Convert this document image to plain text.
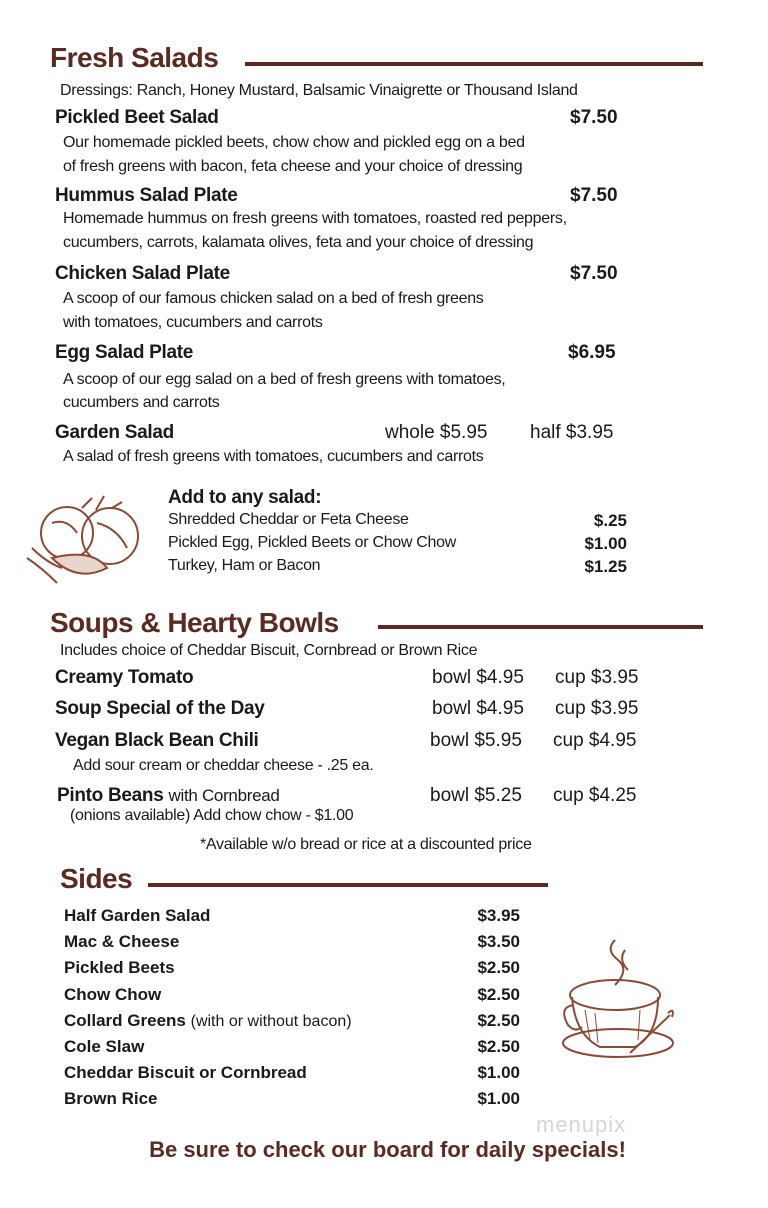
Fresh Salads
Dressings: Ranch, Honey Mustard, Balsamic Vinaigrette or Thousand Island
Pickled Beet Salad	$7.50
Our homemade pickled beets, chow chow and pickled egg on a bed
of fresh greens with bacon, feta cheese and your choice of dressing
Hummus Salad Plate	$7.50
Homemade hummus on fresh greens with tomatoes, roasted red peppers,
cucumbers, carrots, kalamata olives, feta and your choice of dressing
Chicken Salad Plate	$7.50
A scoop of our famous chicken salad on a bed of fresh greens
with tomatoes, cucumbers and carrots
Egg Salad Plate	$6.95
A scoop of our egg salad on a bed of fresh greens with tomatoes,
cucumbers and carrots
Garden Salad	whole $5.95 half $3.95
A salad of fresh greens with tomatoes, cucumbers and carrots
Add to any salad:
Shredded Cheddar or Feta Cheese	$.25
Pickled Egg, Pickled Beets or Chow Chow	$1.00
Turkey, Ham or Bacon	$1.25
Soups & Hearty Bowls
Includes choice of Cheddar Biscuit, Cornbread or Brown Rice
Creamy Tomato	bowl $4.95 cup $3.95
Soup Special of the Day	bowl $4.95 cup $3.95
Vegan Black Bean Chili	bowl $5.95 cup $4.95
Add sour cream or cheddar cheese - .25 ea.
Pinto Beans with Cornbread	bowl $5.25 cup $4.25
(onions available) Add chow chow - $1.00
*Available w/o bread or rice at a discounted price
Sides
Half Garden Salad	$3.95
Mac & Cheese	$3.50
Pickled Beets	$2.50
Chow Chow	$2.50
Collard Greens (with or without bacon)	$2.50
Cole Slaw	$2.50
Cheddar Biscuit or Cornbread	$1.00
Brown Rice	$1.00
menupix
Be sure to check our board for daily specials!
